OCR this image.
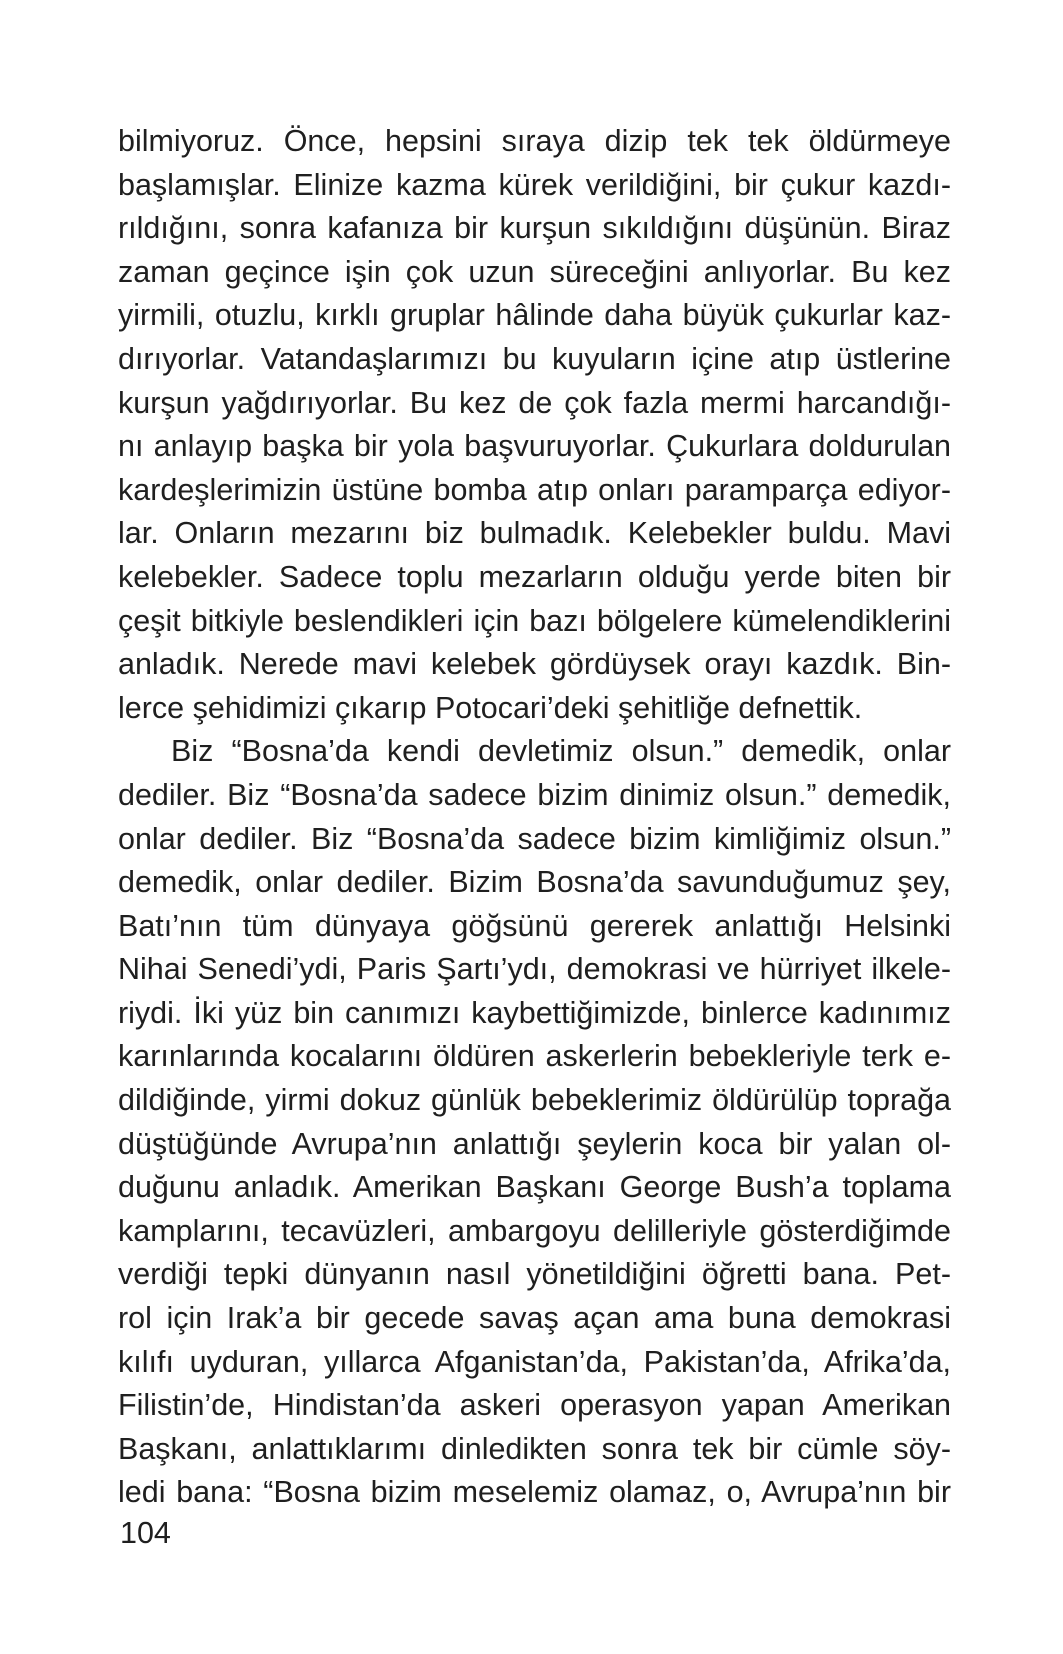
bilmiyoruz. Önce, hepsini sıraya dizip tek tek öldürmeye
başlamışlar. Elinize kazma kürek verildiğini, bir çukur kazdı-
rıldığını, sonra kafanıza bir kurşun sıkıldığını düşünün. Biraz
zaman geçince işin çok uzun süreceğini anlıyorlar. Bu kez
yirmili, otuzlu, kırklı gruplar hâlinde daha büyük çukurlar kaz-
dırıyorlar. Vatandaşlarımızı bu kuyuların içine atıp üstlerine
kurşun yağdırıyorlar. Bu kez de çok fazla mermi harcandığı-
nı anlayıp başka bir yola başvuruyorlar. Çukurlara doldurulan
kardeşlerimizin üstüne bomba atıp onları paramparça ediyor-
lar. Onların mezarını biz bulmadık. Kelebekler buldu. Mavi
kelebekler. Sadece toplu mezarların olduğu yerde biten bir
çeşit bitkiyle beslendikleri için bazı bölgelere kümelendiklerini
anladık. Nerede mavi kelebek gördüysek orayı kazdık. Bin-
lerce şehidimizi çıkarıp Potocari’deki şehitliğe defnettik.
Biz “Bosna’da kendi devletimiz olsun.” demedik, onlar
dediler. Biz “Bosna’da sadece bizim dinimiz olsun.” demedik,
onlar dediler. Biz “Bosna’da sadece bizim kimliğimiz olsun.”
demedik, onlar dediler. Bizim Bosna’da savunduğumuz şey,
Batı’nın tüm dünyaya göğsünü gererek anlattığı Helsinki
Nihai Senedi’ydi, Paris Şartı’ydı, demokrasi ve hürriyet ilkele-
riydi. İki yüz bin canımızı kaybettiğimizde, binlerce kadınımız
karınlarında kocalarını öldüren askerlerin bebekleriyle terk e-
dildiğinde, yirmi dokuz günlük bebeklerimiz öldürülüp toprağa
düştüğünde Avrupa’nın anlattığı şeylerin koca bir yalan ol-
duğunu anladık. Amerikan Başkanı George Bush’a toplama
kamplarını, tecavüzleri, ambargoyu delilleriyle gösterdiğimde
verdiği tepki dünyanın nasıl yönetildiğini öğretti bana. Pet-
rol için Irak’a bir gecede savaş açan ama buna demokrasi
kılıfı uyduran, yıllarca Afganistan’da, Pakistan’da, Afrika’da,
Filistin’de, Hindistan’da askeri operasyon yapan Amerikan
Başkanı, anlattıklarımı dinledikten sonra tek bir cümle söy-
ledi bana: “Bosna bizim meselemiz olamaz, o, Avrupa’nın bir
104
